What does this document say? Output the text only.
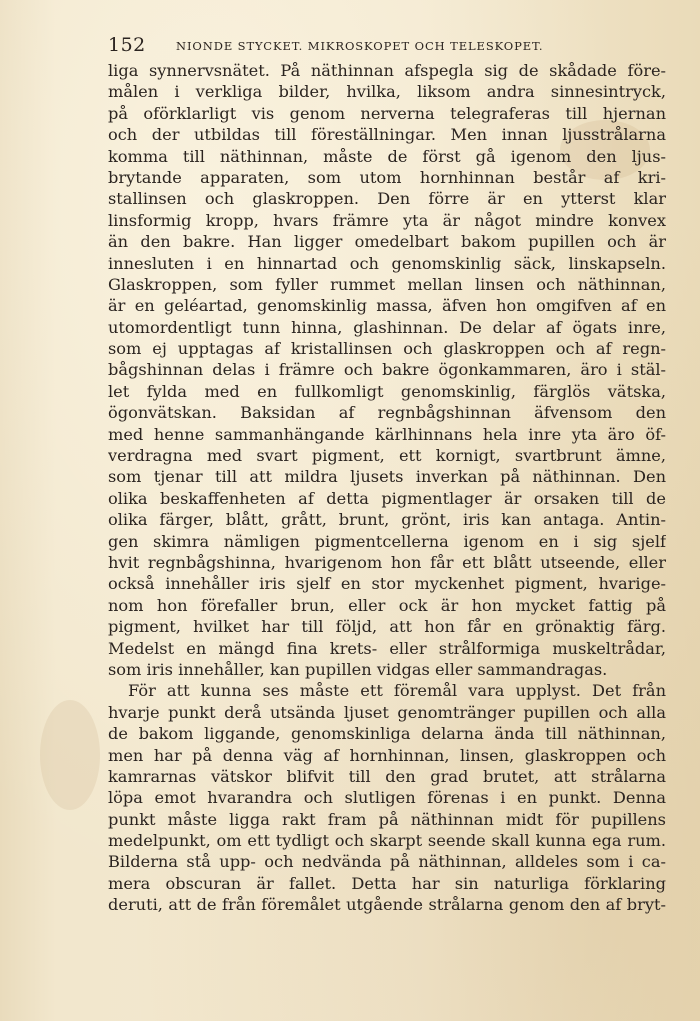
152	NIONDE STYCKET. MIKROSKOPET OCH TELESKOPET.
liga synnervsnätet. På näthinnan afspegla sig de skådade före-
målen i verkliga bilder, hvilka, liksom andra sinnesintryck,
på oförklarligt vis genom nerverna telegraferas till hjernan
och der utbildas till föreställningar. Men innan ljusstrålarna
komma till näthinnan, måste de först gå igenom den ljus-
brytande apparaten, som utom hornhinnan består af kri-
stallinsen och glaskroppen. Den förre är en ytterst klar
linsformig kropp, hvars främre yta är något mindre konvex
än den bakre. Han ligger omedelbart bakom pupillen och är
innesluten i en hinnartad och genomskinlig säck, linskapseln.
Glaskroppen, som fyller rummet mellan linsen och näthinnan,
är en geléartad, genomskinlig massa, äfven hon omgifven af en
utomordentligt tunn hinna, glashinnan. De delar af ögats inre,
som ej upptagas af kristallinsen och glaskroppen och af regn-
bågshinnan delas i främre och bakre ögonkammaren, äro i stäl-
let fylda med en fullkomligt genomskinlig, färglös vätska,
ögonvätskan. Baksidan af regnbågshinnan äfvensom den
med henne sammanhängande kärlhinnans hela inre yta äro öf-
verdragna med svart pigment, ett kornigt, svartbrunt ämne,
som tjenar till att mildra ljusets inverkan på näthinnan. Den
olika beskaffenheten af detta pigmentlager är orsaken till de
olika färger, blått, grått, brunt, grönt, iris kan antaga. Antin-
gen skimra nämligen pigmentcellerna igenom en i sig sjelf
hvit regnbågshinna, hvarigenom hon får ett blått utseende, eller
också innehåller iris sjelf en stor myckenhet pigment, hvarige-
nom hon förefaller brun, eller ock är hon mycket fattig på
pigment, hvilket har till följd, att hon får en grönaktig färg.
Medelst en mängd fina krets- eller strålformiga muskeltrådar,
som iris innehåller, kan pupillen vidgas eller sammandragas.
För att kunna ses måste ett föremål vara upplyst. Det från
hvarje punkt derå utsända ljuset genomtränger pupillen och alla
de bakom liggande, genomskinliga delarna ända till näthinnan,
men har på denna väg af hornhinnan, linsen, glaskroppen och
kamrarnas vätskor blifvit till den grad brutet, att strålarna
löpa emot hvarandra och slutligen förenas i en punkt. Denna
punkt måste ligga rakt fram på näthinnan midt för pupillens
medelpunkt, om ett tydligt och skarpt seende skall kunna ega rum.
Bilderna stå upp- och nedvända på näthinnan, alldeles som i ca-
mera obscuran är fallet. Detta har sin naturliga förklaring
deruti, att de från föremålet utgående strålarna genom den af bryt-
